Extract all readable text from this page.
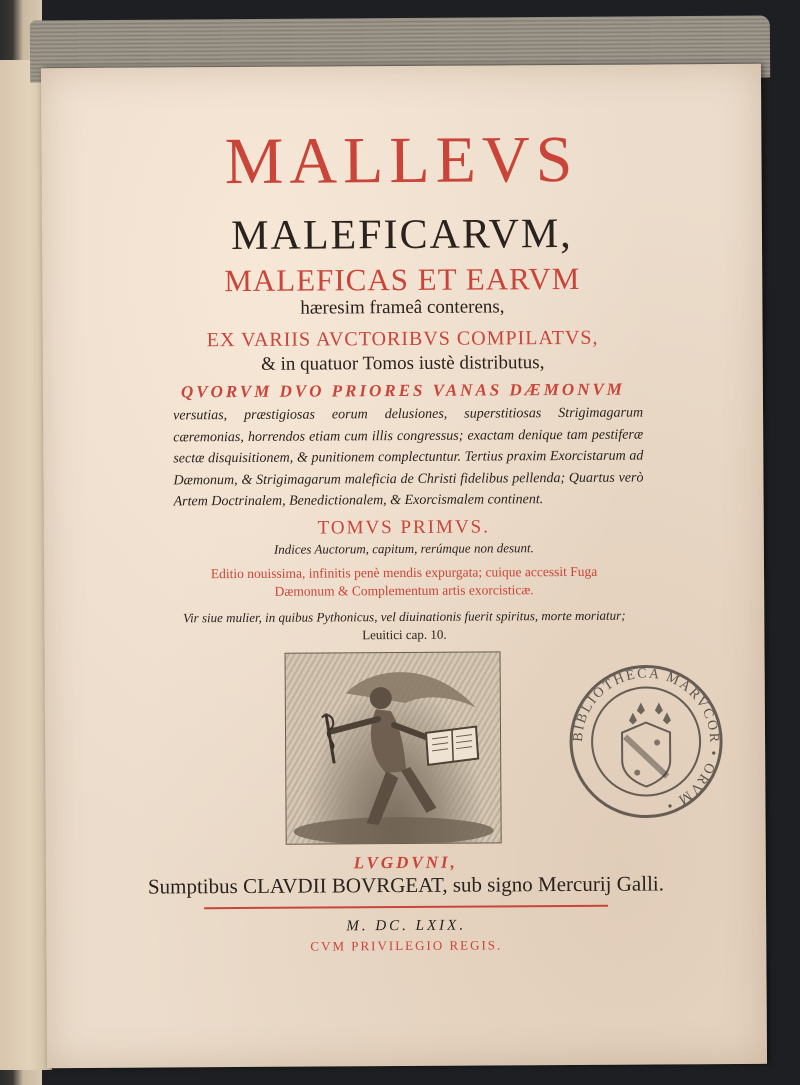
MALLEVS
MALEFICARVM,
MALEFICAS ET EARVM
hæresim frameâ conterens,
EX VARIIS AVCTORIBVS COMPILATVS,
& in quatuor Tomos iustè distributus,
QVORVM DVO PRIORES VANAS DÆMONVM
versutias, præstigiosas eorum delusiones, superstitiosas Strigimagarum cæremonias, horrendos etiam cum illis congressus; exactam denique tam pestiferæ sectæ disquisitionem, & punitionem complectuntur. Tertius praxim Exorcistarum ad Dæmonum, & Strigimagarum maleficia de Christi fidelibus pellenda; Quartus verò Artem Doctrinalem, Benedictionalem, & Exorcismalem continent.
TOMVS PRIMVS.
Indices Auctorum, capitum, rerúmque non desunt.
Editio nouissima, infinitis penè mendis expurgata; cuique accessit Fuga
Dæmonum & Complementum artis exorcisticæ.
Vir siue mulier, in quibus Pythonicus, vel diuinationis fuerit spiritus, morte moriatur;
Leuitici cap. 10.
BIBLIOTHECA MARVCOR • ORVM •
LVGDVNI,
Sumptibus CLAVDII BOVRGEAT, sub signo Mercurij Galli.
M. DC. LXIX.
CVM PRIVILEGIO REGIS.
